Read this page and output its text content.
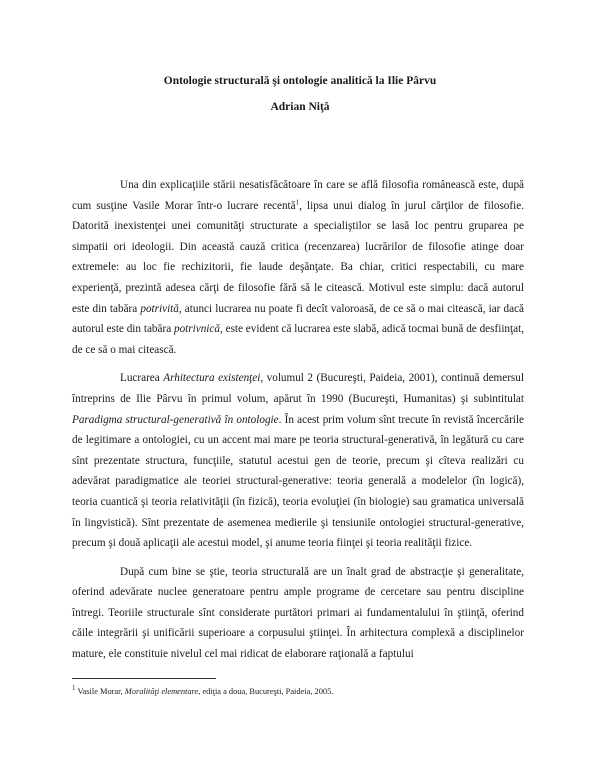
Ontologie structurală şi ontologie analitică la Ilie Pârvu
Adrian Niţă

Una din explicaţiile stării nesatisfăcătoare în care se află filosofia românească este, după cum susţine Vasile Morar într-o lucrare recentă$^1$, lipsa unui dialog în jurul cărţilor de filosofie. Datorită inexistenţei unei comunităţi structurate a specialiştilor se lasă loc pentru gruparea pe simpatii ori ideologii. Din această cauză critica (recenzarea) lucrărilor de filosofie atinge doar extremele: au loc fie rechizitorii, fie laude deşănţate. Ba chiar, critici respectabili, cu mare experienţă, prezintă adesea cărţi de filosofie fără să le citească. Motivul este simplu: dacă autorul este din tabăra potrivită, atunci lucrarea nu poate fi decît valoroasă, de ce să o mai citească, iar dacă autorul este din tabăra potrivnică, este evident că lucrarea este slabă, adică tocmai bună de desfiinţat, de ce să o mai citească.

Lucrarea Arhitectura existenţei, volumul 2 (Bucureşti, Paideia, 2001), continuă demersul întreprins de Ilie Pârvu în primul volum, apărut în 1990 (Bucureşti, Humanitas) şi subintitulat Paradigma structural-generativă în ontologie. În acest prim volum sînt trecute în revistă încercările de legitimare a ontologiei, cu un accent mai mare pe teoria structural-generativă, în legătură cu care sînt prezentate structura, funcţiile, statutul acestui gen de teorie, precum şi cîteva realizări cu adevărat paradigmatice ale teoriei structural-generative: teoria generală a modelelor (în logică), teoria cuantică şi teoria relativităţii (în fizică), teoria evoluţiei (în biologie) sau gramatica universală în lingvistică). Sînt prezentate de asemenea medierile şi tensiunile ontologiei structural-generative, precum şi două aplicaţii ale acestui model, şi anume teoria fiinţei şi teoria realităţii fizice.

După cum bine se ştie, teoria structurală are un înalt grad de abstracţie şi generalitate, oferind adevărate nuclee generatoare pentru ample programe de cercetare sau pentru discipline întregi. Teoriile structurale sînt considerate purtători primari ai fundamentalului în ştiinţă, oferind căile integrării şi unificării superioare a corpusului ştiinţei. În arhitectura complexă a disciplinelor mature, ele constituie nivelul cel mai ridicat de elaborare raţională a faptului

$^1$ Vasile Morar, Moralităţi elementare, ediţia a doua, Bucureşti, Paideia, 2005.
